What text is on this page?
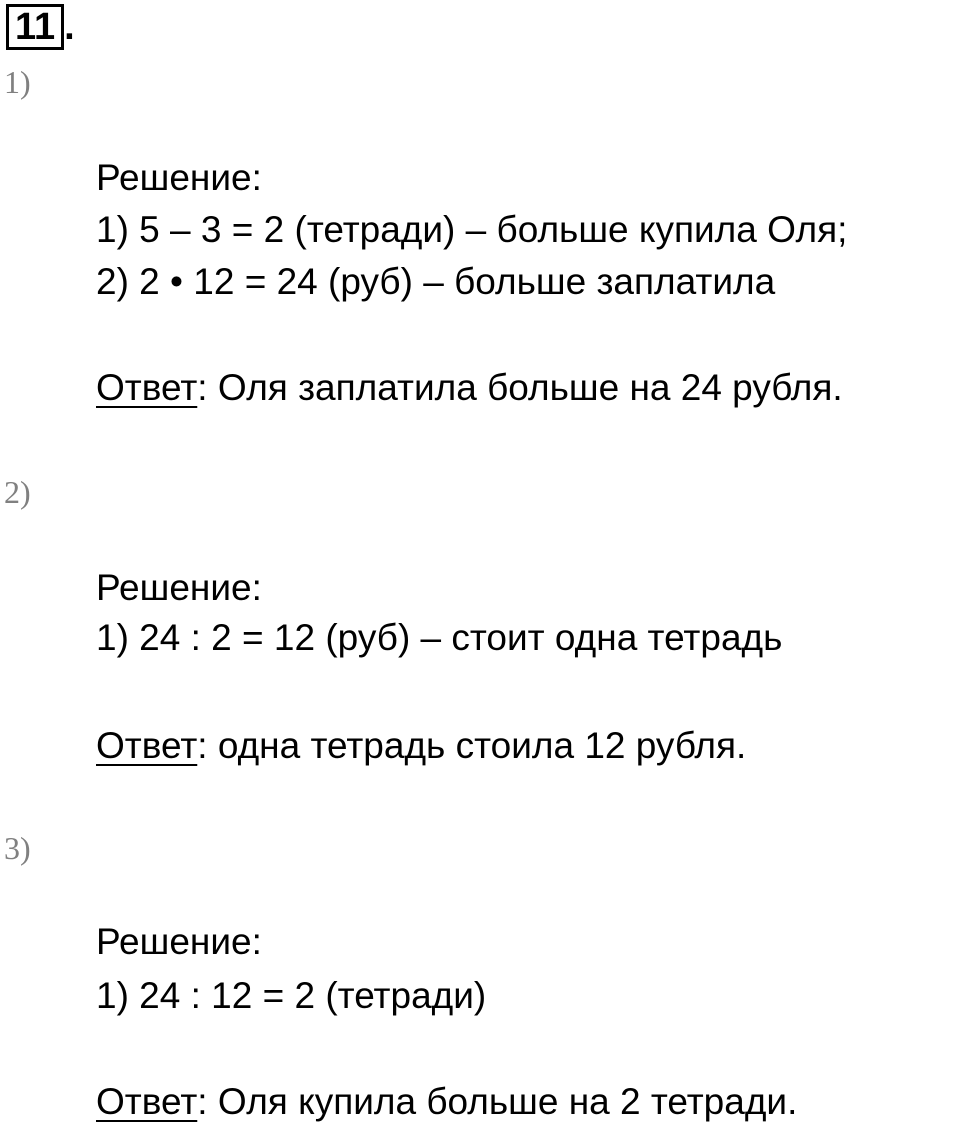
11 .
1)
Решение:
1) 5 – 3 = 2 (тетради) – больше купила Оля;
2) 2 • 12 = 24 (руб) – больше заплатила
Ответ: Оля заплатила больше на 24 рубля.
2)
Решение:
1) 24 : 2 = 12 (руб) – стоит одна тетрадь
Ответ: одна тетрадь стоила 12 рубля.
3)
Решение:
1) 24 : 12 = 2 (тетради)
Ответ: Оля купила больше на 2 тетради.
